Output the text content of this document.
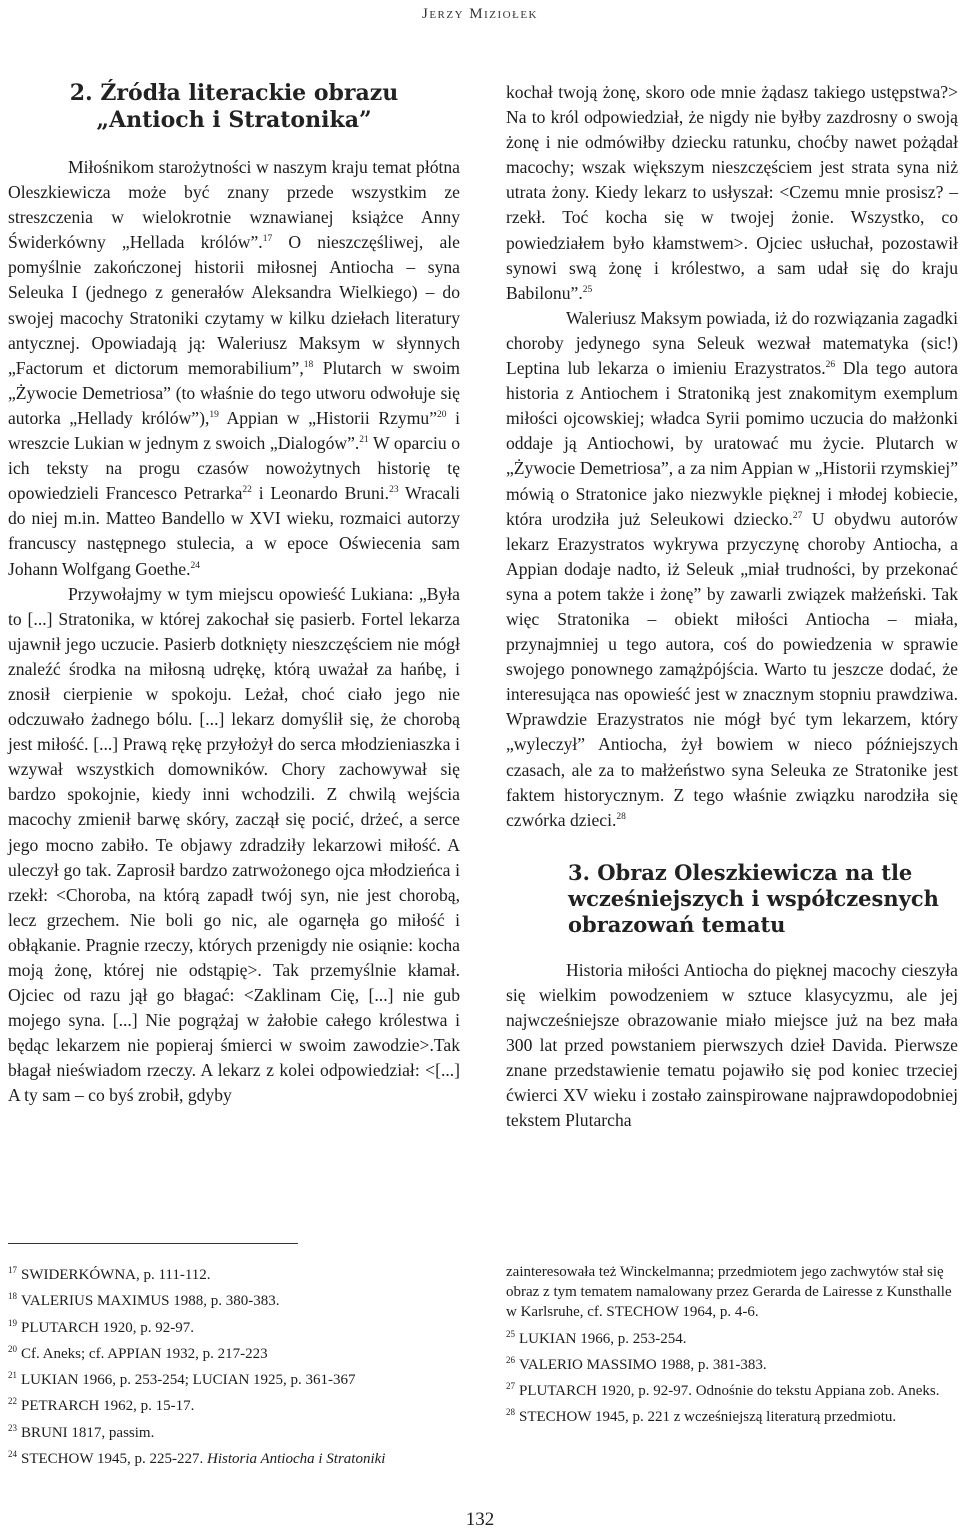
Jerzy Miziołek
2. Źródła literackie obrazu
„Antioch i Stratonika”

Miłośnikom starożytności w naszym kraju temat płótna Oleszkiewicza może być znany przede wszystkim ze streszczenia w wielokrotnie wznawianej książce Anny Świderkówny „Hellada królów”.$^{17}$ O nieszczęśliwej, ale pomyślnie zakończonej historii miłosnej Antiocha – syna Seleuka I (jednego z generałów Aleksandra Wielkiego) – do swojej macochy Stratoniki czytamy w kilku dziełach literatury antycznej. Opowiadają ją: Waleriusz Maksym w słynnych „Factorum et dictorum memorabilium”,$^{18}$ Plutarch w swoim „Żywocie Demetriosa” (to właśnie do tego utworu odwołuje się autorka „Hellady królów”),$^{19}$ Appian w „Historii Rzymu”$^{20}$ i wreszcie Lukian w jednym z swoich „Dialogów”.$^{21}$ W oparciu o ich teksty na progu czasów nowożytnych historię tę opowiedzieli Francesco Petrarka$^{22}$ i Leonardo Bruni.$^{23}$ Wracali do niej m.in. Matteo Bandello w XVI wieku, rozmaici autorzy francuscy następnego stulecia, a w epoce Oświecenia sam Johann Wolfgang Goethe.$^{24}$

Przywołajmy w tym miejscu opowieść Lukiana: „Była to [...] Stratonika, w której zakochał się pasierb. Fortel lekarza ujawnił jego uczucie. Pasierb dotknięty nieszczęściem nie mógł znaleźć środka na miłosną udrękę, którą uważał za hańbę, i znosił cierpienie w spokoju. Leżał, choć ciało jego nie odczuwało żadnego bólu. [...] lekarz domyślił się, że chorobą jest miłość. [...] Prawą rękę przyłożył do serca młodzieniaszka i wzywał wszystkich domowników. Chory zachowywał się bardzo spokojnie, kiedy inni wchodzili. Z chwilą wejścia macochy zmienił barwę skóry, zaczął się pocić, drżeć, a serce jego mocno zabiło. Te objawy zdradziły lekarzowi miłość. A uleczył go tak. Zaprosił bardzo zatrwożonego ojca młodzieńca i rzekł: <Choroba, na którą zapadł twój syn, nie jest chorobą, lecz grzechem. Nie boli go nic, ale ogarnęła go miłość i obłąkanie. Pragnie rzeczy, których przenigdy nie osiąnie: kocha moją żonę, której nie odstąpię>. Tak przemyślnie kłamał. Ojciec od razu jął go błagać: <Zaklinam Cię, [...] nie gub mojego syna. [...] Nie pogrążaj w żałobie całego królestwa i będąc lekarzem nie popieraj śmierci w swoim zawodzie>.Tak błagał nieświadom rzeczy. A lekarz z kolei odpowiedział: <[...] A ty sam – co byś zrobił, gdyby

kochał twoją żonę, skoro ode mnie żądasz takiego ustępstwa?> Na to król odpowiedział, że nigdy nie byłby zazdrosny o swoją żonę i nie odmówiłby dziecku ratunku, choćby nawet pożądał macochy; wszak większym nieszczęściem jest strata syna niż utrata żony. Kiedy lekarz to usłyszał: <Czemu mnie prosisz? – rzekł. Toć kocha się w twojej żonie. Wszystko, co powiedziałem było kłamstwem>. Ojciec usłuchał, pozostawił synowi swą żonę i królestwo, a sam udał się do kraju Babilonu”.$^{25}$

Waleriusz Maksym powiada, iż do rozwiązania zagadki choroby jedynego syna Seleuk wezwał matematyka (sic!) Leptina lub lekarza o imieniu Erazystratos.$^{26}$ Dla tego autora historia z Antiochem i Stratoniką jest znakomitym exemplum miłości ojcowskiej; władca Syrii pomimo uczucia do małżonki oddaje ją Antiochowi, by uratować mu życie. Plutarch w „Żywocie Demetriosa”, a za nim Appian w „Historii rzymskiej” mówią o Stratonice jako niezwykle pięknej i młodej kobiecie, która urodziła już Seleukowi dziecko.$^{27}$ U obydwu autorów lekarz Erazystratos wykrywa przyczynę choroby Antiocha, a Appian dodaje nadto, iż Seleuk „miał trudności, by przekonać syna a potem także i żonę” by zawarli związek małżeński. Tak więc Stratonika – obiekt miłości Antiocha – miała, przynajmniej u tego autora, coś do powiedzenia w sprawie swojego ponownego zamążpójścia. Warto tu jeszcze dodać, że interesująca nas opowieść jest w znacznym stopniu prawdziwa. Wprawdzie Erazystratos nie mógł być tym lekarzem, który „wyleczył” Antiocha, żył bowiem w nieco późniejszych czasach, ale za to małżeństwo syna Seleuka ze Stratonike jest faktem historycznym. Z tego właśnie związku narodziła się czwórka dzieci.$^{28}$

3. Obraz Oleszkiewicza na tle
wcześniejszych i współczesnych
obrazowań tematu

Historia miłości Antiocha do pięknej macochy cieszyła się wielkim powodzeniem w sztuce klasycyzmu, ale jej najwcześniejsze obrazowanie miało miejsce już na bez mała 300 lat przed powstaniem pierwszych dzieł Davida. Pierwsze znane przedstawienie tematu pojawiło się pod koniec trzeciej ćwierci XV wieku i zostało zainspirowane najprawdopodobniej tekstem Plutarcha

$^{17}$ SWIDERKÓWNA, p. 111-112.

$^{18}$ VALERIUS MAXIMUS 1988, p. 380-383.

$^{19}$ PLUTARCH 1920, p. 92-97.

$^{20}$ Cf. Aneks; cf. APPIAN 1932, p. 217-223

$^{21}$ LUKIAN 1966, p. 253-254; LUCIAN 1925, p. 361-367

$^{22}$ PETRARCH 1962, p. 15-17.

$^{23}$ BRUNI 1817, passim.

$^{24}$ STECHOW 1945, p. 225-227. Historia Antiocha i Stratoniki

zainteresowała też Winckelmanna; przedmiotem jego zachwytów stał się obraz z tym tematem namalowany przez Gerarda de Lairesse z Kunsthalle w Karlsruhe, cf. STECHOW 1964, p. 4-6.

$^{25}$ LUKIAN 1966, p. 253-254.

$^{26}$ VALERIO MASSIMO 1988, p. 381-383.

$^{27}$ PLUTARCH 1920, p. 92-97. Odnośnie do tekstu Appiana zob. Aneks.

$^{28}$ STECHOW 1945, p. 221 z wcześniejszą literaturą przedmiotu.

132
